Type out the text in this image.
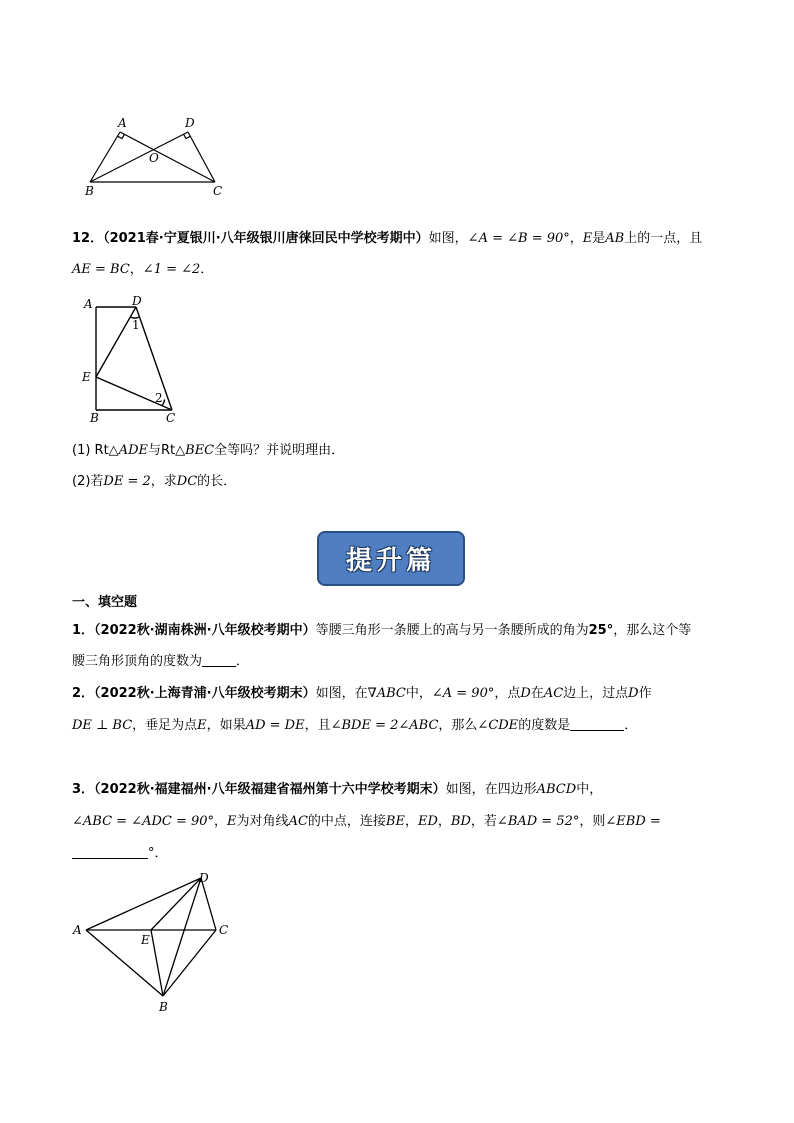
A	D
O
B	C
12．（2021春·宁夏银川·八年级银川唐徕回民中学校考期中）如图，∠A = ∠B = 90°，E是AB上的一点，且
AE = BC，∠1 = ∠2．
A	D
1
E
2
B	C
(1) Rt△ADE与Rt△BEC全等吗？并说明理由．
(2)若DE = 2，求DC的长．
提升篇
一、填空题
1．（2022秋·湖南株洲·八年级校考期中）等腰三角形一条腰上的高与另一条腰所成的角为25°，那么这个等
腰三角形顶角的度数为	．
2．（2022秋·上海青浦·八年级校考期末）如图，在∇ABC中，∠A = 90°，点D在AC边上，过点D作
DE ⊥ BC，垂足为点E，如果AD = DE，且∠BDE = 2∠ABC，那么∠CDE的度数是	．
3．（2022秋·福建福州·八年级福建省福州第十六中学校考期末）如图，在四边形ABCD中，
∠ABC = ∠ADC = 90°，E为对角线AC的中点，连接BE，ED，BD，若∠BAD = 52°，则∠EBD =
°．
D
A
E
C
B
